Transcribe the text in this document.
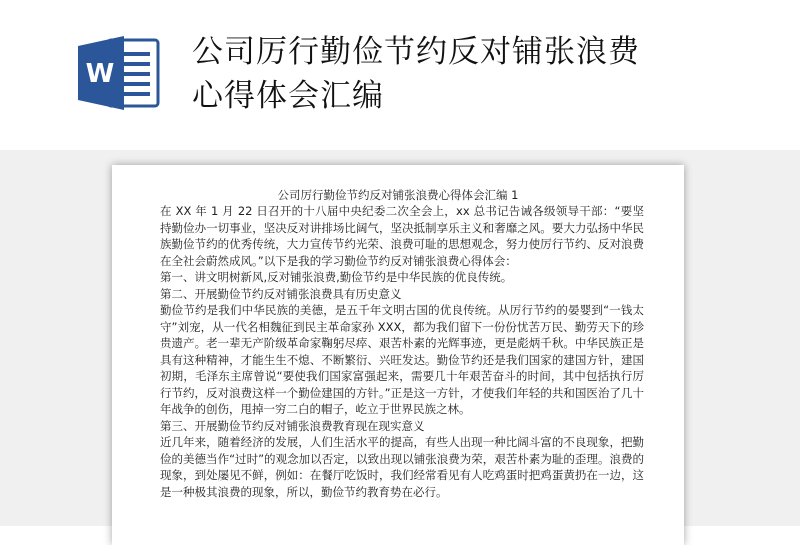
W
公司厉行勤俭节约反对铺张浪费
心得体会汇编
公司厉行勤俭节约反对铺张浪费心得体会汇编 1

在 XX 年 1 月 22 日召开的十八届中央纪委二次全会上，xx 总书记告诫各级领导干部：“要坚持勤俭办一切事业，坚决反对讲排场比阔气，坚决抵制享乐主义和奢靡之风。要大力弘扬中华民族勤俭节约的优秀传统，大力宣传节约光荣、浪费可耻的思想观念，努力使厉行节约、反对浪费在全社会蔚然成风。”以下是我的学习勤俭节约反对铺张浪费心得体会：

第一、讲文明树新风,反对铺张浪费,勤俭节约是中华民族的优良传统。

第二、开展勤俭节约反对铺张浪费具有历史意义

勤俭节约是我们中华民族的美德，是五千年文明古国的优良传统。从厉行节约的晏婴到“一钱太守”刘宠，从一代名相魏征到民主革命家孙 XXX，都为我们留下一份份忧苦万民、勤劳天下的珍贵遗产。老一辈无产阶级革命家鞠躬尽瘁、艰苦朴素的光辉事迹，更是彪炳千秋。中华民族正是具有这种精神，才能生生不熄、不断繁衍、兴旺发达。勤俭节约还是我们国家的建国方针，建国初期，毛泽东主席曾说“要使我们国家富强起来，需要几十年艰苦奋斗的时间，其中包括执行厉行节约，反对浪费这样一个勤俭建国的方针。”正是这一方针，才使我们年轻的共和国医治了几十年战争的创伤，甩掉一穷二白的帽子，屹立于世界民族之林。

第三、开展勤俭节约反对铺张浪费教育现在现实意义

近几年来，随着经济的发展，人们生活水平的提高，有些人出现一种比阔斗富的不良现象，把勤俭的美德当作“过时”的观念加以否定，以致出现以铺张浪费为荣，艰苦朴素为耻的歪理。浪费的现象，到处屡见不鲜，例如：在餐厅吃饭时，我们经常看见有人吃鸡蛋时把鸡蛋黄扔在一边，这是一种极其浪费的现象，所以，勤俭节约教育势在必行。
